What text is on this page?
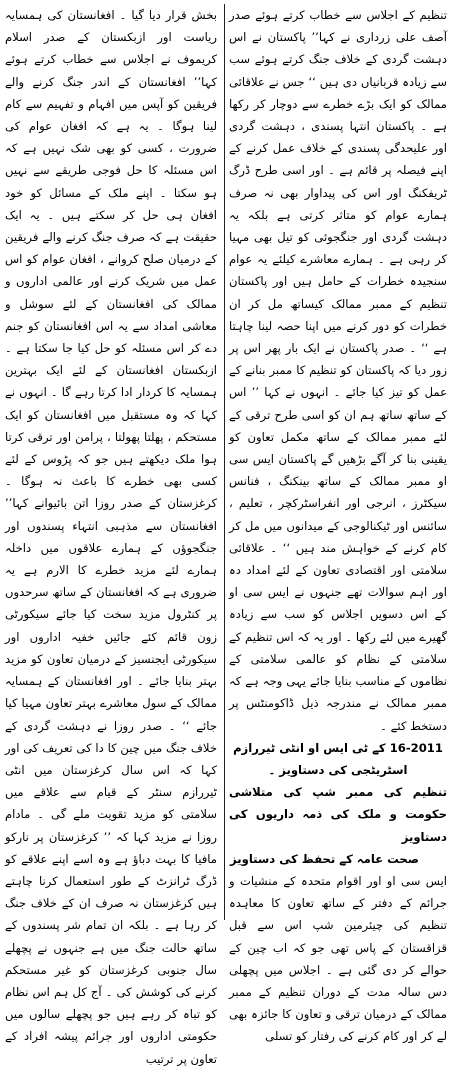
تنظیم کے اجلاس سے خطاب کرتے ہوئے صدر آصف علی زرداری نے کہا’’ پاکستان نے اس دہشت گردی کے خلاف جنگ کرتے ہوئے سب سے زیادہ قربانیاں دی ہیں ‘‘ جس نے علاقائی ممالک کو ایک بڑے خطرے سے دوچار کر رکھا ہے ۔ پاکستان انتہا پسندی ، دہشت گردی اور علیحدگی پسندی کے خلاف عمل کرنے کے اپنے فیصلہ پر قائم ہے ۔ اور اسی طرح ڈرگ ٹریفکنگ اور اس کی پیداوار بھی نہ صرف ہمارے عوام کو متاثر کرتی ہے بلکہ یہ دہشت گردی اور جنگجوئی کو تیل بھی مہیا کر رہی ہے ۔ ہمارے معاشرے کیلئے یہ عوام سنجیدہ خطرات کے حامل ہیں اور پاکستان تنظیم کے ممبر ممالک کیساتھ مل کر ان خطرات کو دور کرنے میں اپنا حصہ لینا چاہتا ہے ‘‘ ۔ صدر پاکستان نے ایک بار پھر اس پر زور دیا کہ پاکستان کو تنظیم کا ممبر بنانے کے عمل کو تیز کیا جائے ۔ انہوں نے کہا ’’ اس کے ساتھ ساتھ ہم ان کو اسی طرح ترقی کے لئے ممبر ممالک کے ساتھ مکمل تعاون کو یقینی بنا کر آگے بڑھیں گے پاکستان ایس سی او ممبر ممالک کے ساتھ بینکنگ ، فنانس سیکٹرز ، انرجی اور انفراسٹرکچر ، تعلیم ، سائنس اور ٹیکنالوجی کے میدانوں میں مل کر کام کرنے کے خواہش مند ہیں ‘‘ ۔ علاقائی سلامتی اور اقتصادی تعاون کے لئے امداد دہ اور اہم سوالات تھے جنہوں نے ایس سی او کے اس دسویں اجلاس کو سب سے زیادہ گھیرے میں لئے رکھا ۔ اور یہ کہ اس تنظیم کے سلامتی کے نظام کو عالمی سلامتی کے نظاموں کے مناسب بنایا جائے یہی وجہ ہے کہ ممبر ممالک نے مندرجہ ذیل ڈاکومنٹس پر دستخط کئے ۔

16-2011 کے ٹی ایس او انٹی ٹیررازم اسٹریٹجی کی دستاویز ۔

تنظیم کی ممبر شپ کی متلاشی حکومت و ملک کی ذمہ داریوں کی دستاویز

صحت عامہ کے تحفظ کی دستاویز

ایس سی او اور اقوام متحدہ کے منشیات و جرائم کے دفتر کے ساتھ تعاون کا معاہدہ تنظیم کی چیئرمین شپ اس سے قبل قزاقستان کے پاس تھی جو کہ اب چین کے حوالے کر دی گئی ہے ۔ اجلاس میں پچھلی دس سالہ مدت کے دوران تنظیم کے ممبر ممالک کے درمیان ترقی و تعاون کا جائزہ بھی لے کر اور کام کرنے کی رفتار کو تسلی

بخش قرار دیا گیا ۔ افغانستان کی ہمسایہ ریاست اور ازبکستان کے صدر اسلام کریموف نے اجلاس سے خطاب کرتے ہوئے کہا’’ افغانستان کے اندر جنگ کرنے والے فریقین کو آپس میں افہام و تفہیم سے کام لینا ہوگا ۔ یہ ہے کہ افغان عوام کی ضرورت ، کسی کو بھی شک نہیں ہے کہ اس مسئلہ کا حل فوجی طریقے سے نہیں ہو سکتا ۔ اپنے ملک کے مسائل کو خود افغان ہی حل کر سکتے ہیں ۔ یہ ایک حقیقت ہے کہ صرف جنگ کرنے والے فریقین کے درمیان صلح کروانے ، افغان عوام کو اس عمل میں شریک کرنے اور عالمی اداروں و ممالک کی افغانستان کے لئے سوشل و معاشی امداد سے یہ اس افغانستان کو جنم دے کر اس مسئلہ کو حل کیا جا سکتا ہے ۔ ازبکستان افغانستان کے لئے ایک بہترین ہمسایہ کا کردار ادا کرتا رہے گا ۔ انہوں نے کہا کہ وہ مستقبل میں افغانستان کو ایک مستحکم ، پھلتا پھولتا ، پرامن اور ترقی کرتا ہوا ملک دیکھتے ہیں جو کہ پڑوس کے لئے کسی بھی خطرے کا باعث نہ ہوگا ۔ کرغزستان کے صدر روزا اتن بائیوانے کہا’’ افغانستان سے مذہبی انتہاء پسندوں اور جنگجوؤں کے ہمارے علاقوں میں داخلہ ہمارے لئے مزید خطرے کا الارم ہے یہ ضروری ہے کہ افغانستان کے ساتھ سرحدوں پر کنٹرول مزید سخت کیا جائے سیکورٹی زون قائم کئے جائیں خفیہ اداروں اور سیکورٹی ایجنسیز کے درمیان تعاون کو مزید بہتر بنایا جائے ۔ اور افغانستان کے ہمسایہ ممالک کے سول معاشرے بہتر تعاون مہیا کیا جائے ‘‘ ۔ صدر روزا نے دہشت گردی کے خلاف جنگ میں چین کا دا کی تعریف کی اور کہا کہ اس سال کرغزستان میں انٹی ٹیررازم سنٹر کے قیام سے علاقے میں سلامتی کو مزید تقویت ملے گی ۔ مادام روزا نے مزید کہا کہ ’’ کرغزستان پر نارکو مافیا کا بہت دباؤ ہے وہ اسے اپنے علاقے کو ڈرگ ٹرانزٹ کے طور استعمال کرنا چاہتے ہیں کرغزستان نہ صرف ان کے خلاف جنگ کر رہا ہے ۔ بلکہ ان تمام شر پسندوں کے ساتھ حالت جنگ میں ہے جنہوں نے پچھلے سال جنوبی کرغزستان کو غیر مستحکم کرنے کی کوشش کی ۔ آج کل ہم اس نظام کو تباہ کر رہے ہیں جو پچھلے سالوں میں حکومتی اداروں اور جرائم پیشہ افراد کے تعاون پر ترتیب
